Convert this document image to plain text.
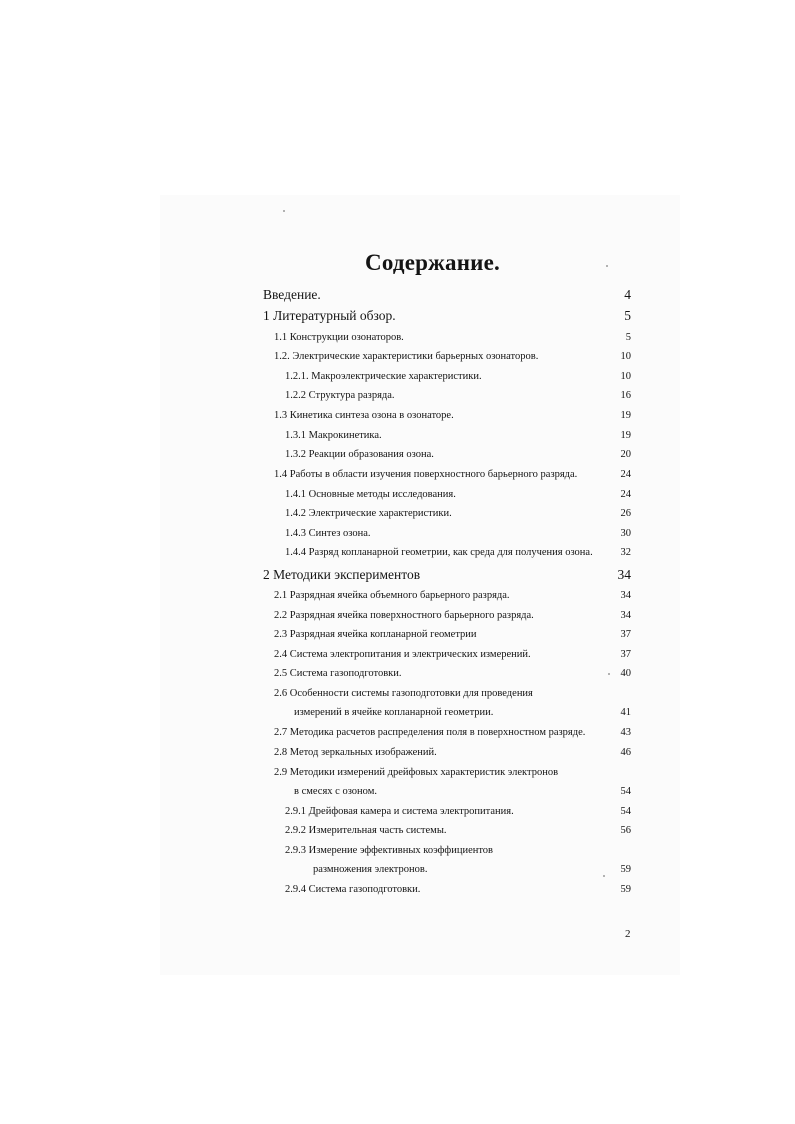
Содержание.
Введение.	4
1 Литературный обзор.	5
1.1 Конструкции озонаторов.	5
1.2. Электрические характеристики барьерных озонаторов.	10
1.2.1. Макроэлектрические характеристики.	10
1.2.2 Структура разряда.	16
1.3 Кинетика синтеза озона в озонаторе.	19
1.3.1 Макрокинетика.	19
1.3.2 Реакции образования озона.	20
1.4 Работы в области изучения поверхностного барьерного разряда.	24
1.4.1 Основные методы исследования.	24
1.4.2 Электрические характеристики.	26
1.4.3 Синтез озона.	30
1.4.4 Разряд копланарной геометрии, как среда для получения озона.	32
2 Методики экспериментов	34
2.1 Разрядная ячейка объемного барьерного разряда.	34
2.2 Разрядная ячейка поверхностного барьерного разряда.	34
2.3 Разрядная ячейка копланарной геометрии	37
2.4 Система электропитания и электрических измерений.	37
2.5 Система газоподготовки.	40
2.6 Особенности системы газоподготовки для проведения
измерений в ячейке копланарной геометрии.	41
2.7 Методика расчетов распределения поля в поверхностном разряде.	43
2.8 Метод зеркальных изображений.	46
2.9 Методики измерений дрейфовых характеристик электронов
в смесях с озоном.	54
2.9.1 Дрейфовая камера и система электропитания.	54
2.9.2 Измерительная часть системы.	56
2.9.3 Измерение эффективных коэффициентов
размножения электронов.	59
2.9.4 Система газоподготовки.	59
2
